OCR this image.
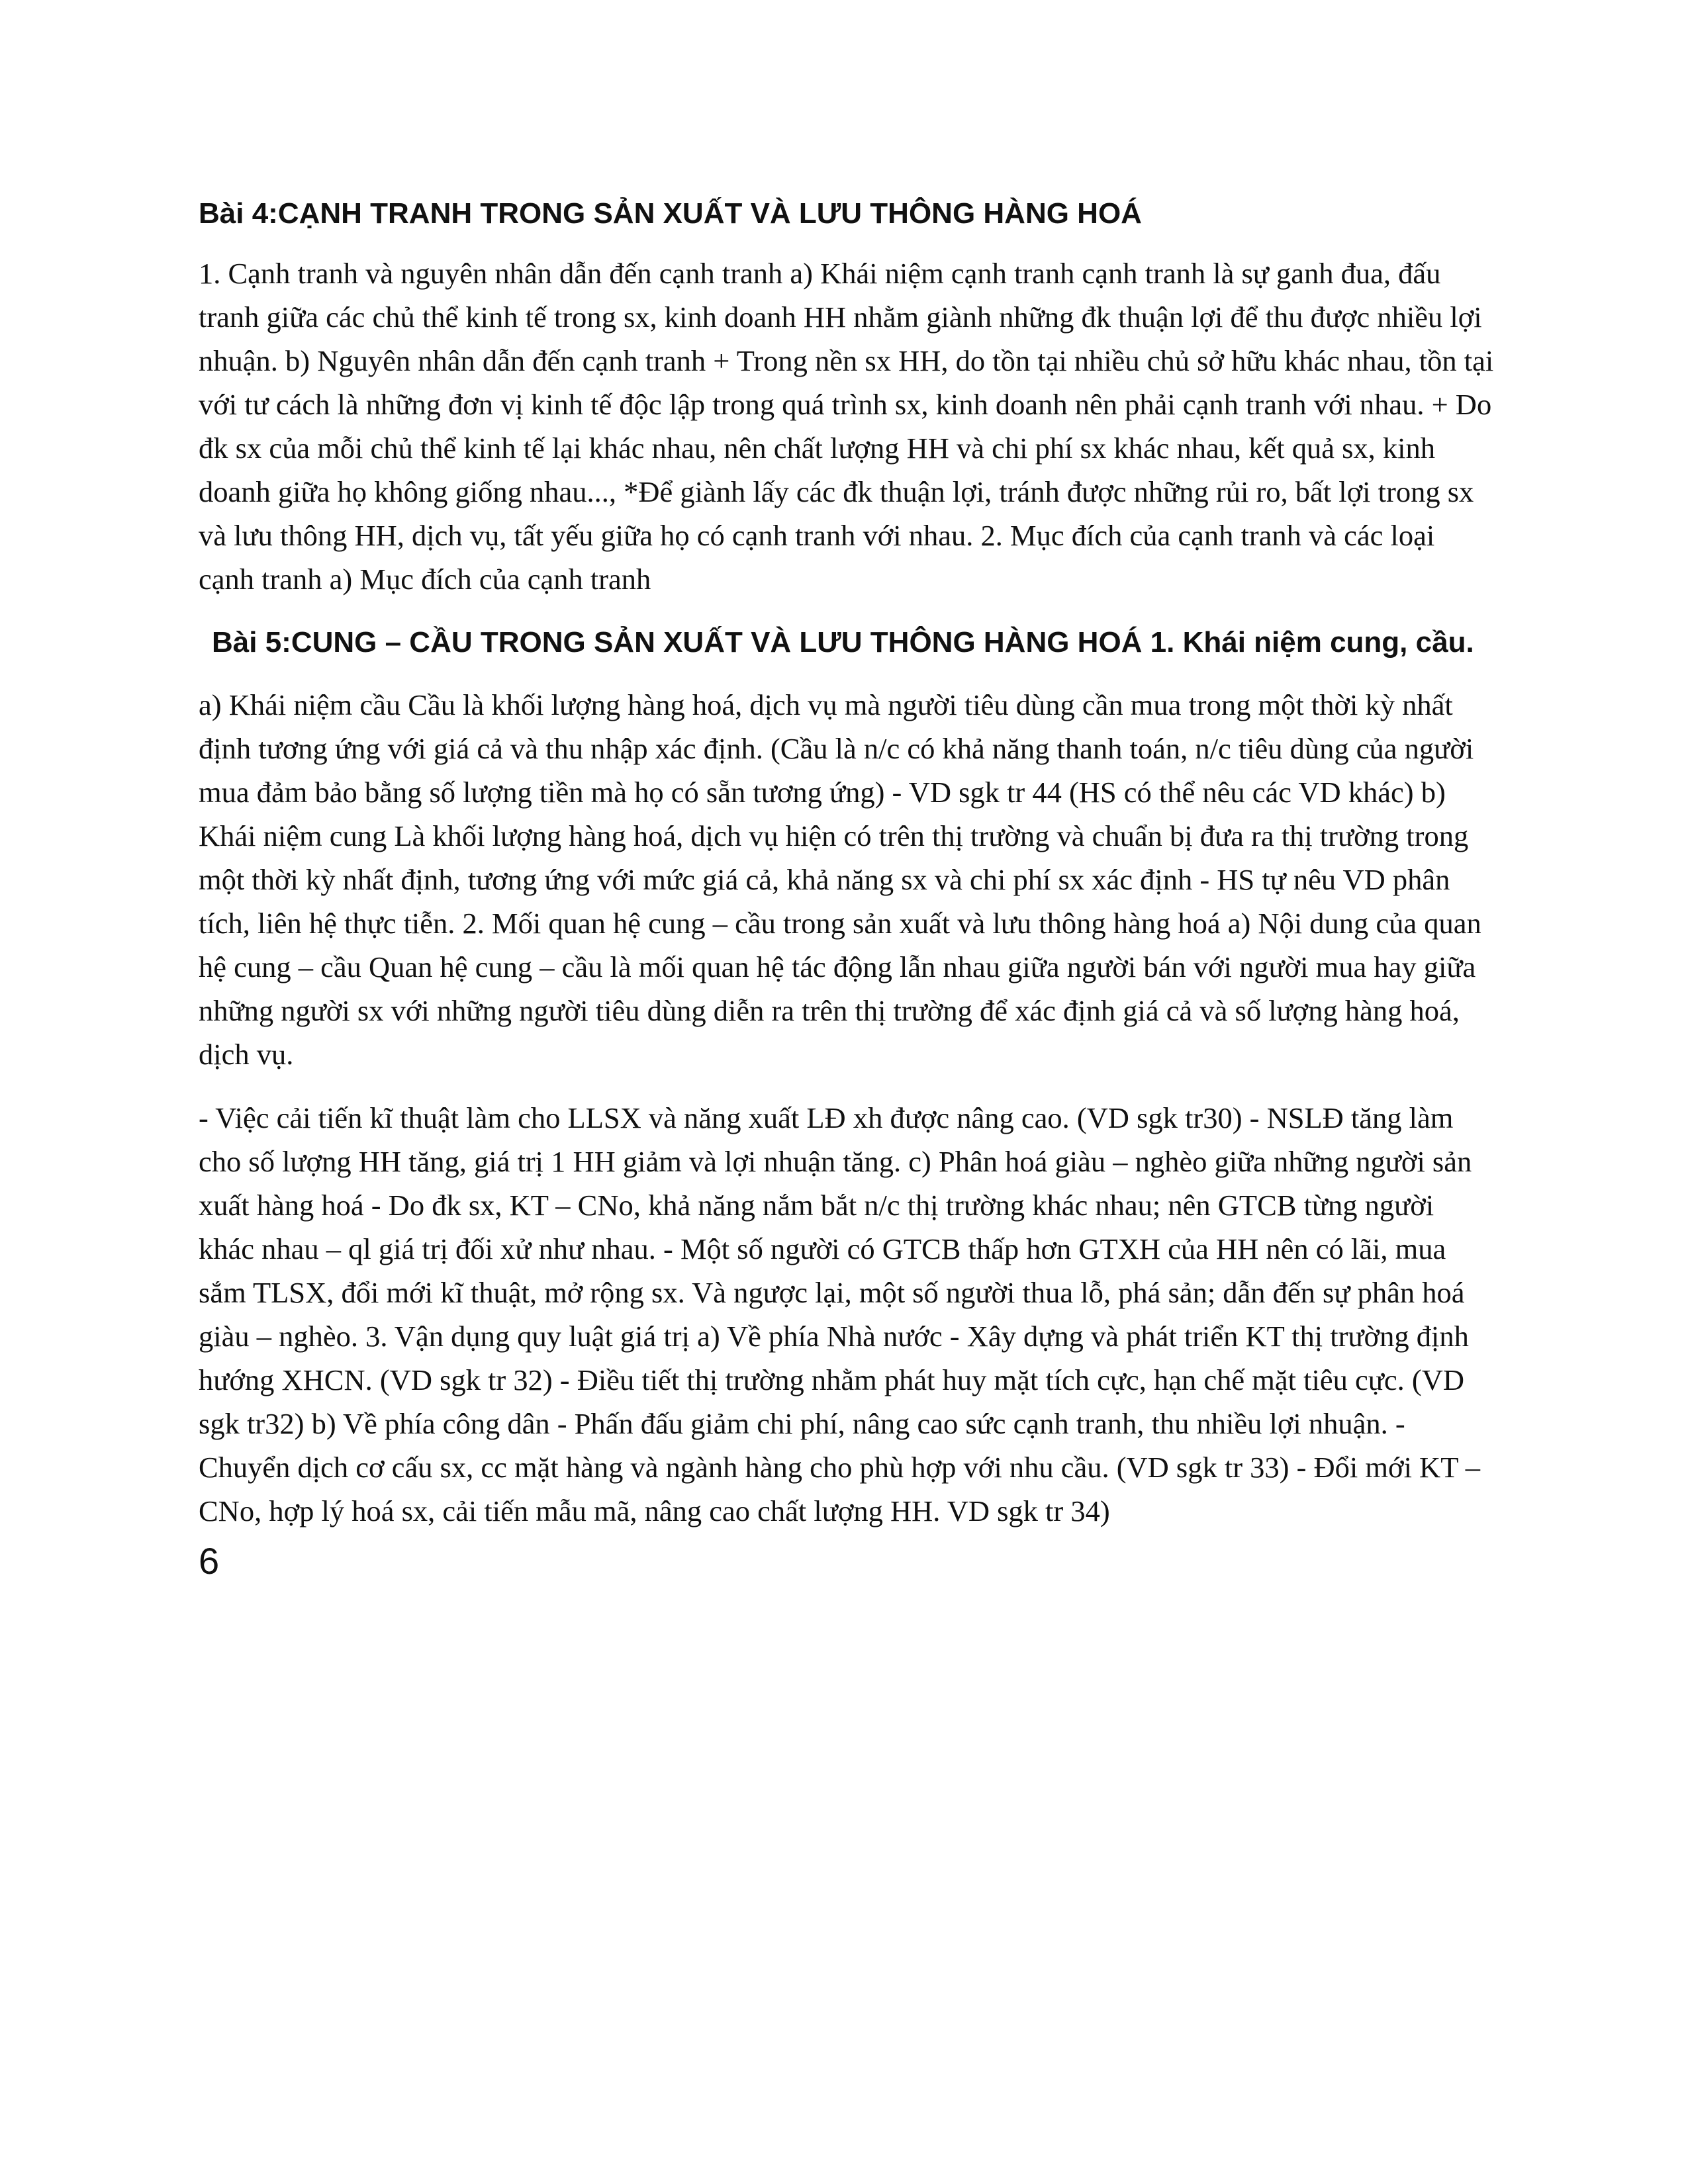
Bài 4:CẠNH TRANH TRONG SẢN XUẤT VÀ LƯU THÔNG HÀNG HOÁ

1. Cạnh tranh và nguyên nhân dẫn đến cạnh tranh a) Khái niệm cạnh tranh cạnh tranh là sự ganh đua, đấu tranh giữa các chủ thể kinh tế trong sx, kinh doanh HH nhằm giành những đk thuận lợi để thu được nhiều lợi nhuận. b) Nguyên nhân dẫn đến cạnh tranh + Trong nền sx HH, do tồn tại nhiều chủ sở hữu khác nhau, tồn tại với tư cách là những đơn vị kinh tế độc lập trong quá trình sx, kinh doanh nên phải cạnh tranh với nhau. + Do đk sx của mỗi chủ thể kinh tế lại khác nhau, nên chất lượng HH và chi phí sx khác nhau, kết quả sx, kinh doanh giữa họ không giống nhau..., *Để giành lấy các đk thuận lợi, tránh được những rủi ro, bất lợi trong sx và lưu thông HH, dịch vụ, tất yếu giữa họ có cạnh tranh với nhau. 2. Mục đích của cạnh tranh và các loại cạnh tranh a) Mục đích của cạnh tranh

Bài 5:CUNG – CẦU TRONG SẢN XUẤT VÀ LƯU THÔNG HÀNG HOÁ 1. Khái niệm cung, cầu.

a) Khái niệm cầu Cầu là khối lượng hàng hoá, dịch vụ mà người tiêu dùng cần mua trong một thời kỳ nhất định tương ứng với giá cả và thu nhập xác định. (Cầu là n/c có khả năng thanh toán, n/c tiêu dùng của người mua đảm bảo bằng số lượng tiền mà họ có sẵn tương ứng) - VD sgk tr 44 (HS có thể nêu các VD khác) b) Khái niệm cung Là khối lượng hàng hoá, dịch vụ hiện có trên thị trường và chuẩn bị đưa ra thị trường trong một thời kỳ nhất định, tương ứng với mức giá cả, khả năng sx và chi phí sx xác định - HS tự nêu VD phân tích, liên hệ thực tiễn. 2. Mối quan hệ cung – cầu trong sản xuất và lưu thông hàng hoá a) Nội dung của quan hệ cung – cầu Quan hệ cung – cầu là mối quan hệ tác động lẫn nhau giữa người bán với người mua hay giữa những người sx với những người tiêu dùng diễn ra trên thị trường để xác định giá cả và số lượng hàng hoá, dịch vụ.

- Việc cải tiến kĩ thuật làm cho LLSX và năng xuất LĐ xh được nâng cao. (VD sgk tr30) - NSLĐ tăng làm cho số lượng HH tăng, giá trị 1 HH giảm và lợi nhuận tăng. c) Phân hoá giàu – nghèo giữa những người sản xuất hàng hoá - Do đk sx, KT – CNo, khả năng nắm bắt n/c thị trường khác nhau; nên GTCB từng người khác nhau – ql giá trị đối xử như nhau. - Một số người có GTCB thấp hơn GTXH của HH nên có lãi, mua sắm TLSX, đổi mới kĩ thuật, mở rộng sx. Và ngược lại, một số người thua lỗ, phá sản; dẫn đến sự phân hoá giàu – nghèo. 3. Vận dụng quy luật giá trị a) Về phía Nhà nước - Xây dựng và phát triển KT thị trường định hướng XHCN. (VD sgk tr 32) - Điều tiết thị trường nhằm phát huy mặt tích cực, hạn chế mặt tiêu cực. (VD sgk tr32) b) Về phía công dân - Phấn đấu giảm chi phí, nâng cao sức cạnh tranh, thu nhiều lợi nhuận. - Chuyển dịch cơ cấu sx, cc mặt hàng và ngành hàng cho phù hợp với nhu cầu. (VD sgk tr 33) - Đổi mới KT – CNo, hợp lý hoá sx, cải tiến mẫu mã, nâng cao chất lượng HH. VD sgk tr 34)

6
